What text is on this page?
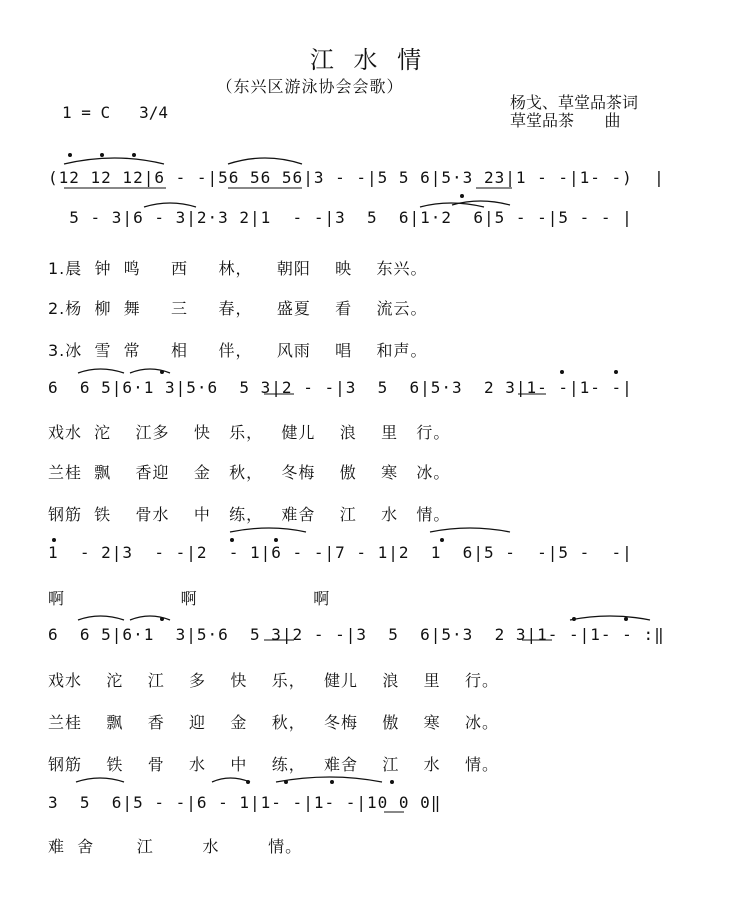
江 水 情
（东兴区游泳协会会歌）
1 = C   3/4
杨戈、草堂品茶词
草堂品茶      曲
(12 12 12|6 - -|56 56 56|3 - -|5 5 6|5·3 23|1 - -|1- -)  |
5 - 3|6 - 3|2·3 2|1  - -|3  5  6|1·2  6|5 - -|5 - - |
1.晨  钟  鸣     西     林，    朝阳    映    东兴。
2.杨  柳  舞     三     春，    盛夏    看    流云。
3.冰  雪  常     相     伴，    风雨    唱    和声。
6  6 5|6·1 3|5·6  5 3|2 - -|3  5  6|5·3  2 3|1- -|1- -|
戏水  沱    江多    快   乐，   健儿    浪    里   行。
兰桂  飘    香迎    金   秋，   冬梅    傲    寒   冰。
钢筋  铁    骨水    中   练，   难舍    江    水   情。
1  - 2|3  - -|2  - 1|6 - -|7 - 1|2  1  6|5 -  -|5 -  -|
啊                   啊                   啊
6  6 5|6·1  3|5·6  5 3|2 - -|3  5  6|5·3  2 3|1- -|1- - :‖
戏水    沱    江    多    快    乐，   健儿    浪    里    行。
兰桂    飘    香    迎    金    秋，   冬梅    傲    寒    冰。
钢筋    铁    骨    水    中    练，   难舍    江    水    情。
3  5  6|5 - -|6 - 1|1- -|1- -|10 0 0‖
难  舍       江        水        情。
